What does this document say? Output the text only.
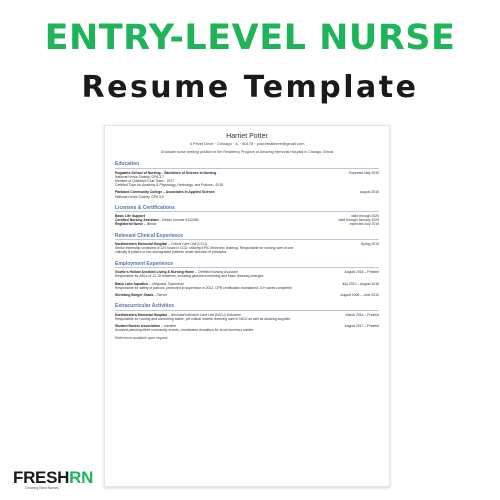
ENTRY-LEVEL NURSE
Resume Template
Harriet Potter
4 Privet Drive · Chicago · IL · 60176 · youremailhere@gmail.com
Graduate nurse seeking position in the Residency Program at Amazing Memorial Hospital in Chicago, Illinois
Education
Hogwarts School of Nursing – Bachelors of Science in Nursing	Expected May 2019
National Honor Society; GPA 3.7
Member of Quidditch Club Team - 2017
Certified Tutor for Anatomy & Physiology, Herbology, and Potions - 2018
Parkland Community College – Associates in Applied Science	August 2016
National Honor Society, GPA 3.8
Licenses & Certifications
Basic Life Support	valid through 2020
Certified Nursing Assistant – Illinois License #122456	valid through January 2020
Registered Nurse – Illinois	expected July 2019
Relevant Clinical Experience
Northwestern Memorial Hospital – Critical Care Unit (CCU)	Spring 2019
Senior internship consisted of 120 hours in CCU, utilizing EPIC electronic charting. Responsible for nursing care of one
critically ill patient or two downgraded patients under direction of preceptor.
Employment Experience
Godric's Hollow Assisted Living & Nursing Home – Certified Nursing Assistant	August 2016 – Present
Responsible for ADLs of 12-18 residents, including glucose monitoring and basic dressing changes
Black Lake Aquatics – Lifeguard, Supervisor	July 2010 – August 2016
Responsible for safety of patrons, promoted to supervisor in 2012, CPR certification maintained, 10+ saves completed
Shrieking Burger Shack – Server	August 2006 – June 2010
Extracurricular Activities
Northwestern Memorial Hospital – Neonatal Intensive Care Unit (NICU) Volunteer	March 2016 – Present
Responsible for rocking and comforting stable, yet critical, infants receiving care in NICU as well as stocking supplies
Student Nurses Association – member	August 2017 – Present
Assisted planning three community events, coordinated donations for local homeless shelter
References available upon request
FRESHRN
Growing New Nurses
